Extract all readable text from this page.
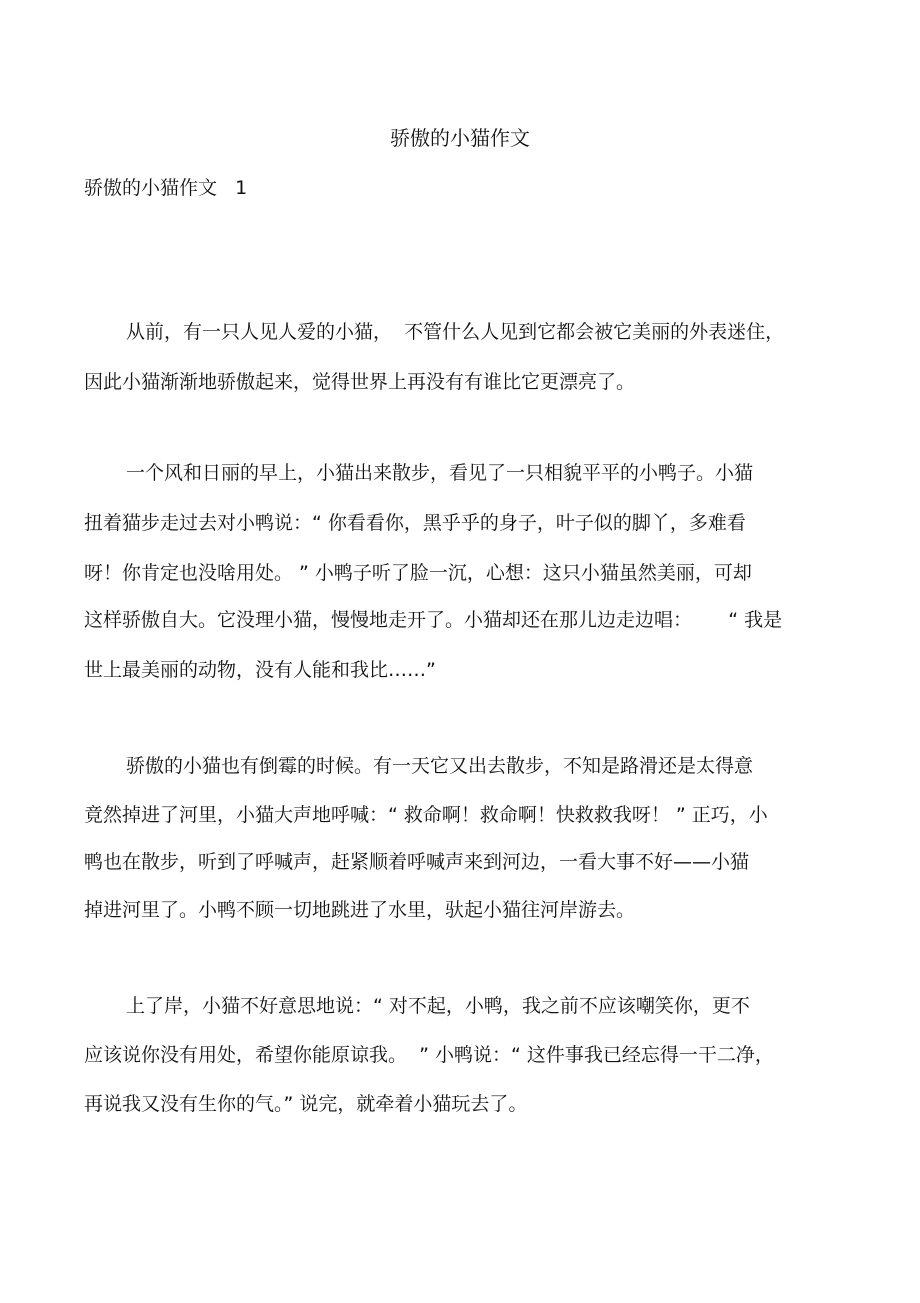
骄傲的小猫作文
骄傲的小猫作文   1
从前，有一只人见人爱的小猫，  不管什么人见到它都会被它美丽的外表迷住，
因此小猫渐渐地骄傲起来，觉得世界上再没有有谁比它更漂亮了。
一个风和日丽的早上，小猫出来散步，看见了一只相貌平平的小鸭子。小猫
扭着猫步走过去对小鸭说：“ 你看看你，黑乎乎的身子，叶子似的脚丫，多难看
呀！你肯定也没啥用处。 ” 小鸭子听了脸一沉，心想：这只小猫虽然美丽，可却
这样骄傲自大。它没理小猫，慢慢地走开了。小猫却还在那儿边走边唱：      “ 我是
世上最美丽的动物，没有人能和我比……”
骄傲的小猫也有倒霉的时候。有一天它又出去散步，不知是路滑还是太得意
竟然掉进了河里，小猫大声地呼喊：“ 救命啊！救命啊！快救救我呀！ ” 正巧，小
鸭也在散步，听到了呼喊声，赶紧顺着呼喊声来到河边，一看大事不好——小猫
掉进河里了。小鸭不顾一切地跳进了水里，驮起小猫往河岸游去。
上了岸，小猫不好意思地说：“ 对不起，小鸭，我之前不应该嘲笑你，更不
应该说你没有用处，希望你能原谅我。  ” 小鸭说：“ 这件事我已经忘得一干二净，
再说我又没有生你的气。” 说完，就牵着小猫玩去了。
